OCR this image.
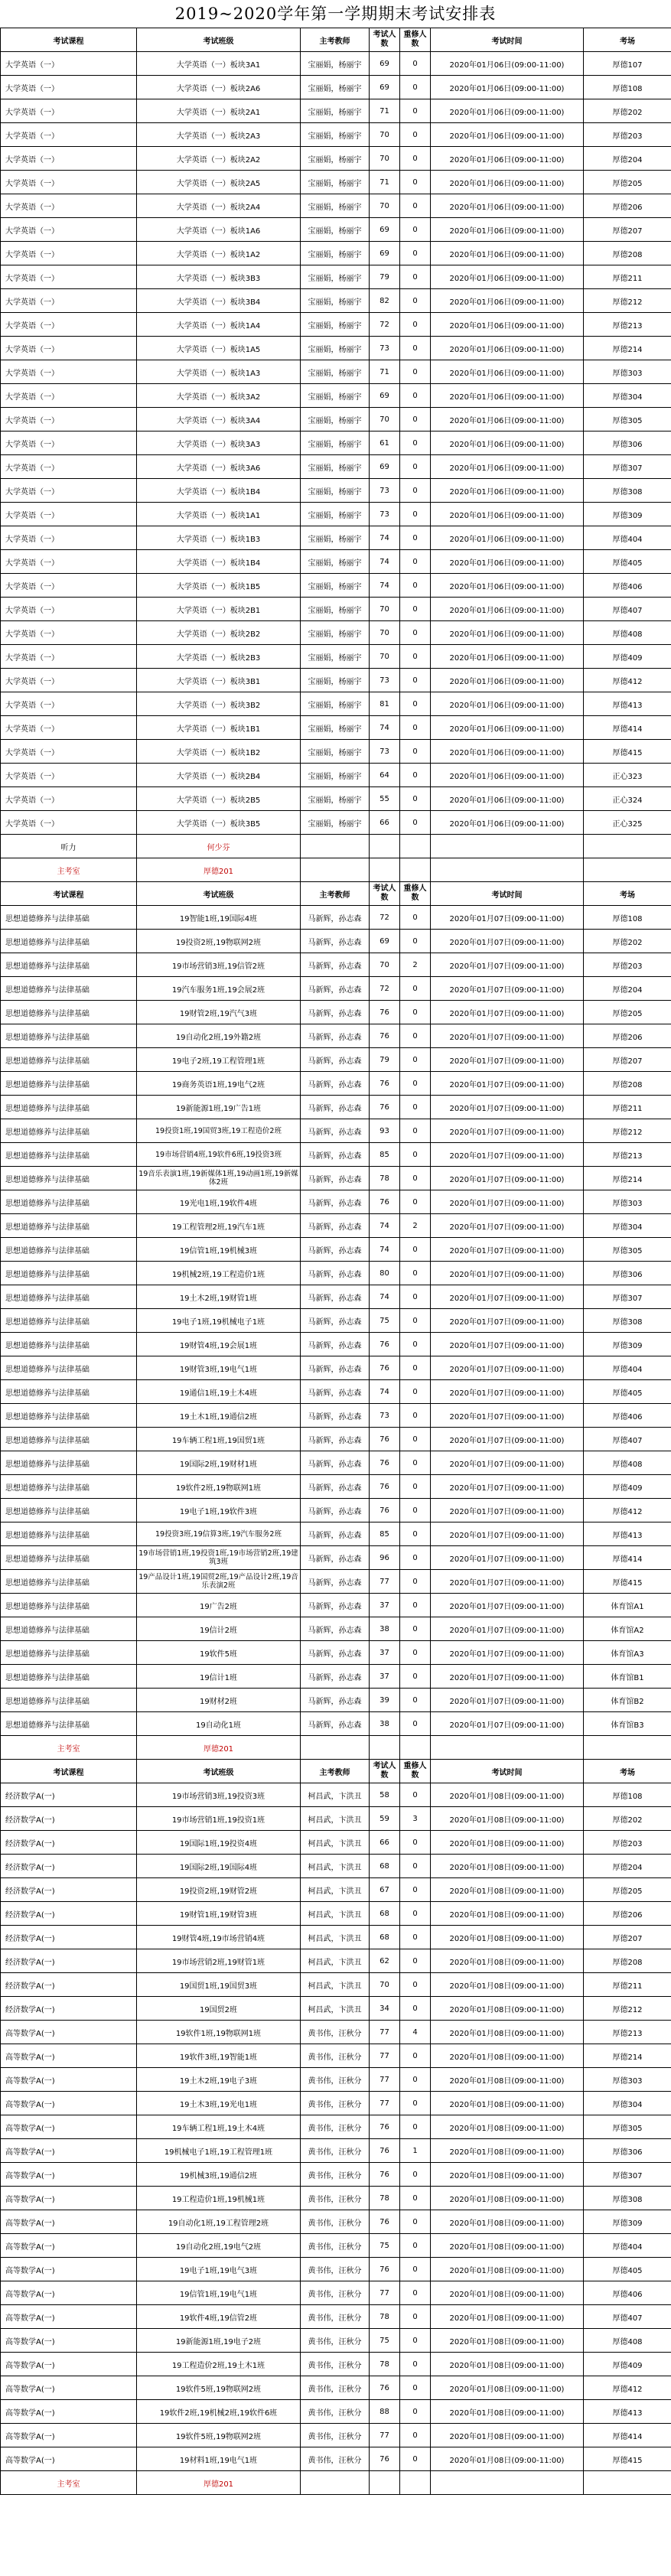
2019~2020学年第一学期期末考试安排表
考试课程	考试班级	主考教师	考试人数	重修人数	考试时间	考场
大学英语（一）	大学英语（一）板块3A1	宝丽娟，杨丽宇	69	0	2020年01月06日(09:00-11:00)	厚德107
大学英语（一）	大学英语（一）板块2A6	宝丽娟，杨丽宇	69	0	2020年01月06日(09:00-11:00)	厚德108
大学英语（一）	大学英语（一）板块2A1	宝丽娟，杨丽宇	71	0	2020年01月06日(09:00-11:00)	厚德202
大学英语（一）	大学英语（一）板块2A3	宝丽娟，杨丽宇	70	0	2020年01月06日(09:00-11:00)	厚德203
大学英语（一）	大学英语（一）板块2A2	宝丽娟，杨丽宇	70	0	2020年01月06日(09:00-11:00)	厚德204
大学英语（一）	大学英语（一）板块2A5	宝丽娟，杨丽宇	71	0	2020年01月06日(09:00-11:00)	厚德205
大学英语（一）	大学英语（一）板块2A4	宝丽娟，杨丽宇	70	0	2020年01月06日(09:00-11:00)	厚德206
大学英语（一）	大学英语（一）板块1A6	宝丽娟，杨丽宇	69	0	2020年01月06日(09:00-11:00)	厚德207
大学英语（一）	大学英语（一）板块1A2	宝丽娟，杨丽宇	69	0	2020年01月06日(09:00-11:00)	厚德208
大学英语（一）	大学英语（一）板块3B3	宝丽娟，杨丽宇	79	0	2020年01月06日(09:00-11:00)	厚德211
大学英语（一）	大学英语（一）板块3B4	宝丽娟，杨丽宇	82	0	2020年01月06日(09:00-11:00)	厚德212
大学英语（一）	大学英语（一）板块1A4	宝丽娟，杨丽宇	72	0	2020年01月06日(09:00-11:00)	厚德213
大学英语（一）	大学英语（一）板块1A5	宝丽娟，杨丽宇	73	0	2020年01月06日(09:00-11:00)	厚德214
大学英语（一）	大学英语（一）板块1A3	宝丽娟，杨丽宇	71	0	2020年01月06日(09:00-11:00)	厚德303
大学英语（一）	大学英语（一）板块3A2	宝丽娟，杨丽宇	69	0	2020年01月06日(09:00-11:00)	厚德304
大学英语（一）	大学英语（一）板块3A4	宝丽娟，杨丽宇	70	0	2020年01月06日(09:00-11:00)	厚德305
大学英语（一）	大学英语（一）板块3A3	宝丽娟，杨丽宇	61	0	2020年01月06日(09:00-11:00)	厚德306
大学英语（一）	大学英语（一）板块3A6	宝丽娟，杨丽宇	69	0	2020年01月06日(09:00-11:00)	厚德307
大学英语（一）	大学英语（一）板块1B4	宝丽娟，杨丽宇	73	0	2020年01月06日(09:00-11:00)	厚德308
大学英语（一）	大学英语（一）板块1A1	宝丽娟，杨丽宇	73	0	2020年01月06日(09:00-11:00)	厚德309
大学英语（一）	大学英语（一）板块1B3	宝丽娟，杨丽宇	74	0	2020年01月06日(09:00-11:00)	厚德404
大学英语（一）	大学英语（一）板块1B4	宝丽娟，杨丽宇	74	0	2020年01月06日(09:00-11:00)	厚德405
大学英语（一）	大学英语（一）板块1B5	宝丽娟，杨丽宇	74	0	2020年01月06日(09:00-11:00)	厚德406
大学英语（一）	大学英语（一）板块2B1	宝丽娟，杨丽宇	70	0	2020年01月06日(09:00-11:00)	厚德407
大学英语（一）	大学英语（一）板块2B2	宝丽娟，杨丽宇	70	0	2020年01月06日(09:00-11:00)	厚德408
大学英语（一）	大学英语（一）板块2B3	宝丽娟，杨丽宇	70	0	2020年01月06日(09:00-11:00)	厚德409
大学英语（一）	大学英语（一）板块3B1	宝丽娟，杨丽宇	73	0	2020年01月06日(09:00-11:00)	厚德412
大学英语（一）	大学英语（一）板块3B2	宝丽娟，杨丽宇	81	0	2020年01月06日(09:00-11:00)	厚德413
大学英语（一）	大学英语（一）板块1B1	宝丽娟，杨丽宇	74	0	2020年01月06日(09:00-11:00)	厚德414
大学英语（一）	大学英语（一）板块1B2	宝丽娟，杨丽宇	73	0	2020年01月06日(09:00-11:00)	厚德415
大学英语（一）	大学英语（一）板块2B4	宝丽娟，杨丽宇	64	0	2020年01月06日(09:00-11:00)	正心323
大学英语（一）	大学英语（一）板块2B5	宝丽娟，杨丽宇	55	0	2020年01月06日(09:00-11:00)	正心324
大学英语（一）	大学英语（一）板块3B5	宝丽娟，杨丽宇	66	0	2020年01月06日(09:00-11:00)	正心325
听力	何少芬					
主考室	厚德201					
考试课程	考试班级	主考教师	考试人数	重修人数	考试时间	考场
思想道德修养与法律基础	19智能1班,19国际4班	马新辉，孙志森	72	0	2020年01月07日(09:00-11:00)	厚德108
思想道德修养与法律基础	19投资2班,19物联网2班	马新辉，孙志森	69	0	2020年01月07日(09:00-11:00)	厚德202
思想道德修养与法律基础	19市场营销3班,19信管2班	马新辉，孙志森	70	2	2020年01月07日(09:00-11:00)	厚德203
思想道德修养与法律基础	19汽车服务1班,19会展2班	马新辉，孙志森	72	0	2020年01月07日(09:00-11:00)	厚德204
思想道德修养与法律基础	19财管2班,19汽气3班	马新辉，孙志森	76	0	2020年01月07日(09:00-11:00)	厚德205
思想道德修养与法律基础	19自动化2班,19外籍2班	马新辉，孙志森	76	0	2020年01月07日(09:00-11:00)	厚德206
思想道德修养与法律基础	19电子2班,19工程管理1班	马新辉，孙志森	79	0	2020年01月07日(09:00-11:00)	厚德207
思想道德修养与法律基础	19商务英语1班,19电气2班	马新辉，孙志森	76	0	2020年01月07日(09:00-11:00)	厚德208
思想道德修养与法律基础	19新能源1班,19广告1班	马新辉，孙志森	76	0	2020年01月07日(09:00-11:00)	厚德211
思想道德修养与法律基础	19投资1班,19国贸3班,19工程造价2班	马新辉，孙志森	93	0	2020年01月07日(09:00-11:00)	厚德212
思想道德修养与法律基础	19市场营销4班,19软件6班,19投资3班	马新辉，孙志森	85	0	2020年01月07日(09:00-11:00)	厚德213
思想道德修养与法律基础	19音乐表演1班,19新媒体1班,19动画1班,19新媒体2班	马新辉，孙志森	78	0	2020年01月07日(09:00-11:00)	厚德214
思想道德修养与法律基础	19光电1班,19软件4班	马新辉，孙志森	76	0	2020年01月07日(09:00-11:00)	厚德303
思想道德修养与法律基础	19工程管理2班,19汽车1班	马新辉，孙志森	74	2	2020年01月07日(09:00-11:00)	厚德304
思想道德修养与法律基础	19信管1班,19机械3班	马新辉，孙志森	74	0	2020年01月07日(09:00-11:00)	厚德305
思想道德修养与法律基础	19机械2班,19工程造价1班	马新辉，孙志森	80	0	2020年01月07日(09:00-11:00)	厚德306
思想道德修养与法律基础	19土木2班,19财管1班	马新辉，孙志森	74	0	2020年01月07日(09:00-11:00)	厚德307
思想道德修养与法律基础	19电子1班,19机械电子1班	马新辉，孙志森	75	0	2020年01月07日(09:00-11:00)	厚德308
思想道德修养与法律基础	19财管4班,19会展1班	马新辉，孙志森	76	0	2020年01月07日(09:00-11:00)	厚德309
思想道德修养与法律基础	19财管3班,19电气1班	马新辉，孙志森	76	0	2020年01月07日(09:00-11:00)	厚德404
思想道德修养与法律基础	19通信1班,19土木4班	马新辉，孙志森	74	0	2020年01月07日(09:00-11:00)	厚德405
思想道德修养与法律基础	19土木1班,19通信2班	马新辉，孙志森	73	0	2020年01月07日(09:00-11:00)	厚德406
思想道德修养与法律基础	19车辆工程1班,19国贸1班	马新辉，孙志森	76	0	2020年01月07日(09:00-11:00)	厚德407
思想道德修养与法律基础	19国际2班,19财材1班	马新辉，孙志森	76	0	2020年01月07日(09:00-11:00)	厚德408
思想道德修养与法律基础	19软件2班,19物联网1班	马新辉，孙志森	76	0	2020年01月07日(09:00-11:00)	厚德409
思想道德修养与法律基础	19电子1班,19软件3班	马新辉，孙志森	76	0	2020年01月07日(09:00-11:00)	厚德412
思想道德修养与法律基础	19投资3班,19信算3班,19汽车服务2班	马新辉，孙志森	85	0	2020年01月07日(09:00-11:00)	厚德413
思想道德修养与法律基础	19市场营销1班,19投资1班,19市场营销2班,19建筑3班	马新辉，孙志森	96	0	2020年01月07日(09:00-11:00)	厚德414
思想道德修养与法律基础	19产品设计1班,19国贸2班,19产品设计2班,19音乐表演2班	马新辉，孙志森	77	0	2020年01月07日(09:00-11:00)	厚德415
思想道德修养与法律基础	19广告2班	马新辉，孙志森	37	0	2020年01月07日(09:00-11:00)	体育馆A1
思想道德修养与法律基础	19信计2班	马新辉，孙志森	38	0	2020年01月07日(09:00-11:00)	体育馆A2
思想道德修养与法律基础	19软件5班	马新辉，孙志森	37	0	2020年01月07日(09:00-11:00)	体育馆A3
思想道德修养与法律基础	19信计1班	马新辉，孙志森	37	0	2020年01月07日(09:00-11:00)	体育馆B1
思想道德修养与法律基础	19财材2班	马新辉，孙志森	39	0	2020年01月07日(09:00-11:00)	体育馆B2
思想道德修养与法律基础	19自动化1班	马新辉，孙志森	38	0	2020年01月07日(09:00-11:00)	体育馆B3
主考室	厚德201					
考试课程	考试班级	主考教师	考试人数	重修人数	考试时间	考场
经济数学A(一)	19市场营销3班,19投资3班	柯昌武，卞洪丑	58	0	2020年01月08日(09:00-11:00)	厚德108
经济数学A(一)	19市场营销1班,19投资1班	柯昌武，卞洪丑	59	3	2020年01月08日(09:00-11:00)	厚德202
经济数学A(一)	19国际1班,19投资4班	柯昌武，卞洪丑	66	0	2020年01月08日(09:00-11:00)	厚德203
经济数学A(一)	19国际2班,19国际4班	柯昌武，卞洪丑	68	0	2020年01月08日(09:00-11:00)	厚德204
经济数学A(一)	19投资2班,19财管2班	柯昌武，卞洪丑	67	0	2020年01月08日(09:00-11:00)	厚德205
经济数学A(一)	19财管1班,19财管3班	柯昌武，卞洪丑	68	0	2020年01月08日(09:00-11:00)	厚德206
经济数学A(一)	19财管4班,19市场营销4班	柯昌武，卞洪丑	68	0	2020年01月08日(09:00-11:00)	厚德207
经济数学A(一)	19市场营销2班,19财管1班	柯昌武，卞洪丑	62	0	2020年01月08日(09:00-11:00)	厚德208
经济数学A(一)	19国贸1班,19国贸3班	柯昌武，卞洪丑	70	0	2020年01月08日(09:00-11:00)	厚德211
经济数学A(一)	19国贸2班	柯昌武，卞洪丑	34	0	2020年01月08日(09:00-11:00)	厚德212
高等数学A(一)	19软件1班,19物联网1班	黄书伟，汪秋分	77	4	2020年01月08日(09:00-11:00)	厚德213
高等数学A(一)	19软件3班,19智能1班	黄书伟，汪秋分	77	0	2020年01月08日(09:00-11:00)	厚德214
高等数学A(一)	19土木2班,19电子3班	黄书伟，汪秋分	77	0	2020年01月08日(09:00-11:00)	厚德303
高等数学A(一)	19土木3班,19光电1班	黄书伟，汪秋分	77	0	2020年01月08日(09:00-11:00)	厚德304
高等数学A(一)	19车辆工程1班,19土木4班	黄书伟，汪秋分	76	0	2020年01月08日(09:00-11:00)	厚德305
高等数学A(一)	19机械电子1班,19工程管理1班	黄书伟，汪秋分	76	1	2020年01月08日(09:00-11:00)	厚德306
高等数学A(一)	19机械3班,19通信2班	黄书伟，汪秋分	76	0	2020年01月08日(09:00-11:00)	厚德307
高等数学A(一)	19工程造价1班,19机械1班	黄书伟，汪秋分	78	0	2020年01月08日(09:00-11:00)	厚德308
高等数学A(一)	19自动化1班,19工程管理2班	黄书伟，汪秋分	76	0	2020年01月08日(09:00-11:00)	厚德309
高等数学A(一)	19自动化2班,19电气2班	黄书伟，汪秋分	75	0	2020年01月08日(09:00-11:00)	厚德404
高等数学A(一)	19电子1班,19电气3班	黄书伟，汪秋分	76	0	2020年01月08日(09:00-11:00)	厚德405
高等数学A(一)	19信管1班,19电气1班	黄书伟，汪秋分	77	0	2020年01月08日(09:00-11:00)	厚德406
高等数学A(一)	19软件4班,19信管2班	黄书伟，汪秋分	78	0	2020年01月08日(09:00-11:00)	厚德407
高等数学A(一)	19新能源1班,19电子2班	黄书伟，汪秋分	75	0	2020年01月08日(09:00-11:00)	厚德408
高等数学A(一)	19工程造价2班,19土木1班	黄书伟，汪秋分	78	0	2020年01月08日(09:00-11:00)	厚德409
高等数学A(一)	19软件5班,19物联网2班	黄书伟，汪秋分	76	0	2020年01月08日(09:00-11:00)	厚德412
高等数学A(一)	19软件2班,19机械2班,19软件6班	黄书伟，汪秋分	88	0	2020年01月08日(09:00-11:00)	厚德413
高等数学A(一)	19软件5班,19物联网2班	黄书伟，汪秋分	77	0	2020年01月08日(09:00-11:00)	厚德414
高等数学A(一)	19材料1班,19电气1班	黄书伟，汪秋分	76	0	2020年01月08日(09:00-11:00)	厚德415
主考室	厚德201					
